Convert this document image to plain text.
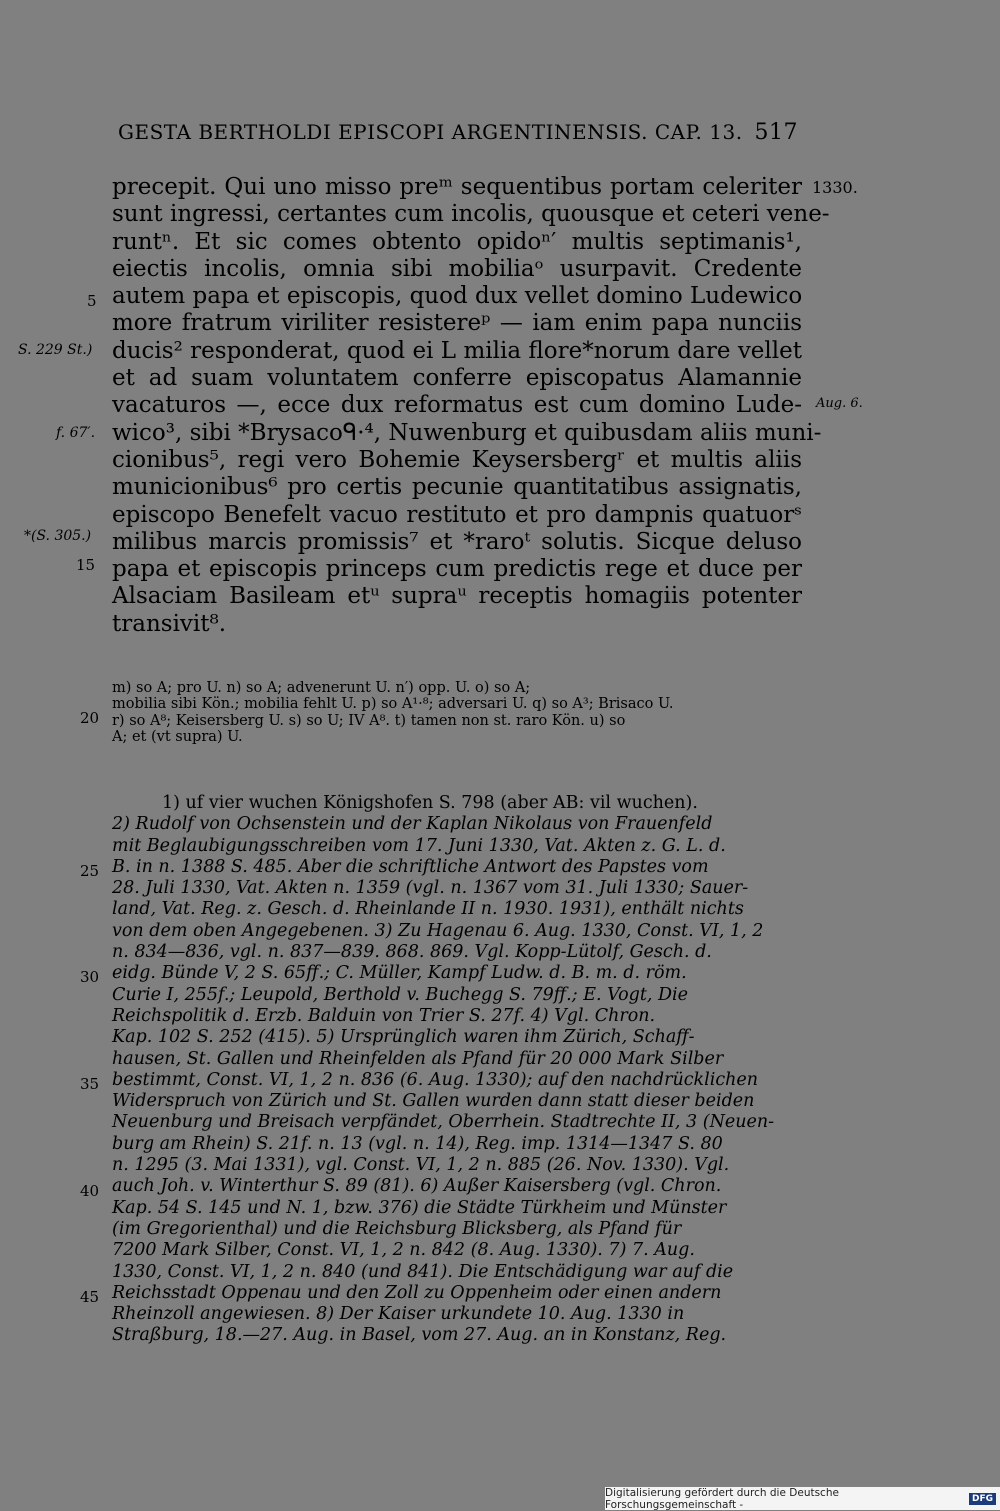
GESTA BERTHOLDI EPISCOPI ARGENTINENSIS. CAP. 13. 517
1330.
Aug. 6.
5
S. 229 St.)
f. 67′.
*(S. 305.)
15
precepit. Qui uno misso preᵐ sequentibus portam celeriter
sunt ingressi, certantes cum incolis, quousque et ceteri vene-
runtⁿ. Et sic comes obtento opidoⁿ′ multis septimanis¹,
eiectis incolis, omnia sibi mobiliaᵒ usurpavit. Credente
autem papa et episcopis, quod dux vellet domino Ludewico
more fratrum viriliter resistereᵖ — iam enim papa nunciis
ducis² responderat, quod ei L milia flore*norum dare vellet
et ad suam voluntatem conferre episcopatus Alamannie
vacaturos —, ecce dux reformatus est cum domino Lude-
wico³, sibi *Brysacoᑫ·⁴, Nuwenburg et quibusdam aliis muni-
cionibus⁵, regi vero Bohemie Keysersbergʳ et multis aliis
municionibus⁶ pro certis pecunie quantitatibus assignatis,
episcopo Benefelt vacuo restituto et pro dampnis quatuorˢ
milibus marcis promissis⁷ et *raroᵗ solutis. Sicque deluso
papa et episcopis princeps cum predictis rege et duce per
Alsaciam Basileam etᵘ supraᵘ receptis homagiis potenter
transivit⁸.
20
m) so A; pro U. n) so A; advenerunt U. n′) opp. U. o) so A;
mobilia sibi Kön.; mobilia fehlt U. p) so A¹·⁸; adversari U. q) so A³; Brisaco U.
r) so A⁸; Keisersberg U. s) so U; IV A⁸. t) tamen non st. raro Kön. u) so
A; et (vt supra) U.
25
30
35
40
45
1) uf vier wuchen Königshofen S. 798 (aber AB: vil wuchen).
2) Rudolf von Ochsenstein und der Kaplan Nikolaus von Frauenfeld
mit Beglaubigungsschreiben vom 17. Juni 1330, Vat. Akten z. G. L. d.
B. in n. 1388 S. 485. Aber die schriftliche Antwort des Papstes vom
28. Juli 1330, Vat. Akten n. 1359 (vgl. n. 1367 vom 31. Juli 1330; Sauer-
land, Vat. Reg. z. Gesch. d. Rheinlande II n. 1930. 1931), enthält nichts
von dem oben Angegebenen. 3) Zu Hagenau 6. Aug. 1330, Const. VI, 1, 2
n. 834—836, vgl. n. 837—839. 868. 869. Vgl. Kopp-Lütolf, Gesch. d.
eidg. Bünde V, 2 S. 65ff.; C. Müller, Kampf Ludw. d. B. m. d. röm.
Curie I, 255f.; Leupold, Berthold v. Buchegg S. 79ff.; E. Vogt, Die
Reichspolitik d. Erzb. Balduin von Trier S. 27f. 4) Vgl. Chron.
Kap. 102 S. 252 (415). 5) Ursprünglich waren ihm Zürich, Schaff-
hausen, St. Gallen und Rheinfelden als Pfand für 20 000 Mark Silber
bestimmt, Const. VI, 1, 2 n. 836 (6. Aug. 1330); auf den nachdrücklichen
Widerspruch von Zürich und St. Gallen wurden dann statt dieser beiden
Neuenburg und Breisach verpfändet, Oberrhein. Stadtrechte II, 3 (Neuen-
burg am Rhein) S. 21f. n. 13 (vgl. n. 14), Reg. imp. 1314—1347 S. 80
n. 1295 (3. Mai 1331), vgl. Const. VI, 1, 2 n. 885 (26. Nov. 1330). Vgl.
auch Joh. v. Winterthur S. 89 (81). 6) Außer Kaisersberg (vgl. Chron.
Kap. 54 S. 145 und N. 1, bzw. 376) die Städte Türkheim und Münster
(im Gregorienthal) und die Reichsburg Blicksberg, als Pfand für
7200 Mark Silber, Const. VI, 1, 2 n. 842 (8. Aug. 1330). 7) 7. Aug.
1330, Const. VI, 1, 2 n. 840 (und 841). Die Entschädigung war auf die
Reichsstadt Oppenau und den Zoll zu Oppenheim oder einen andern
Rheinzoll angewiesen. 8) Der Kaiser urkundete 10. Aug. 1330 in
Straßburg, 18.—27. Aug. in Basel, vom 27. Aug. an in Konstanz, Reg.
Digitalisierung gefördert durch die Deutsche Forschungsgemeinschaft -	DFG
